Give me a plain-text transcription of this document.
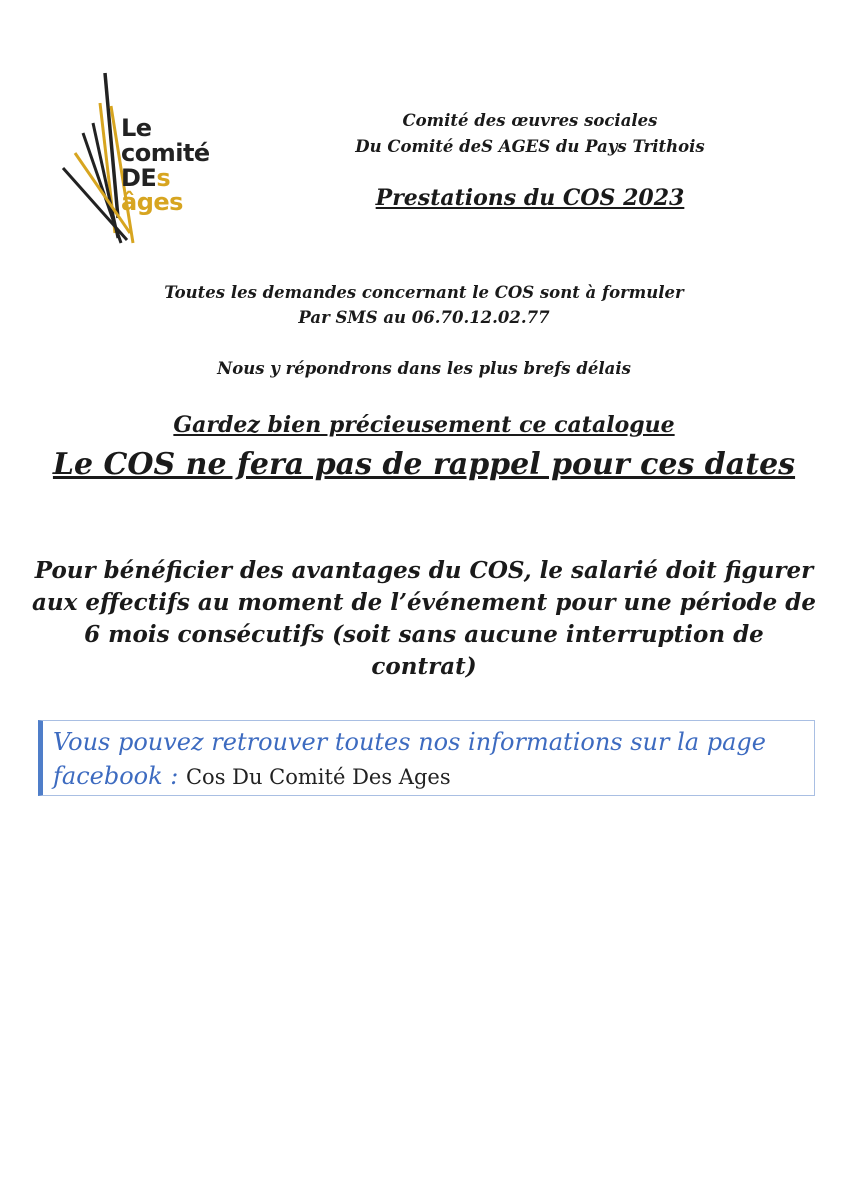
Le
comité
DEs
âges
Comité des œuvres sociales
Du Comité deS AGES du Pays Trithois
Prestations du COS 2023
Toutes les demandes concernant le COS sont à formuler
Par SMS au 06.70.12.02.77
Nous y répondrons dans les plus brefs délais
Gardez bien précieusement ce catalogue
Le COS ne fera pas de rappel pour ces dates
Pour bénéficier des avantages du COS, le salarié doit figurer aux effectifs au moment de l’événement pour une période de 6 mois consécutifs (soit sans aucune interruption de contrat)
Vous pouvez retrouver toutes nos informations sur la page
facebook : Cos Du Comité Des Ages
